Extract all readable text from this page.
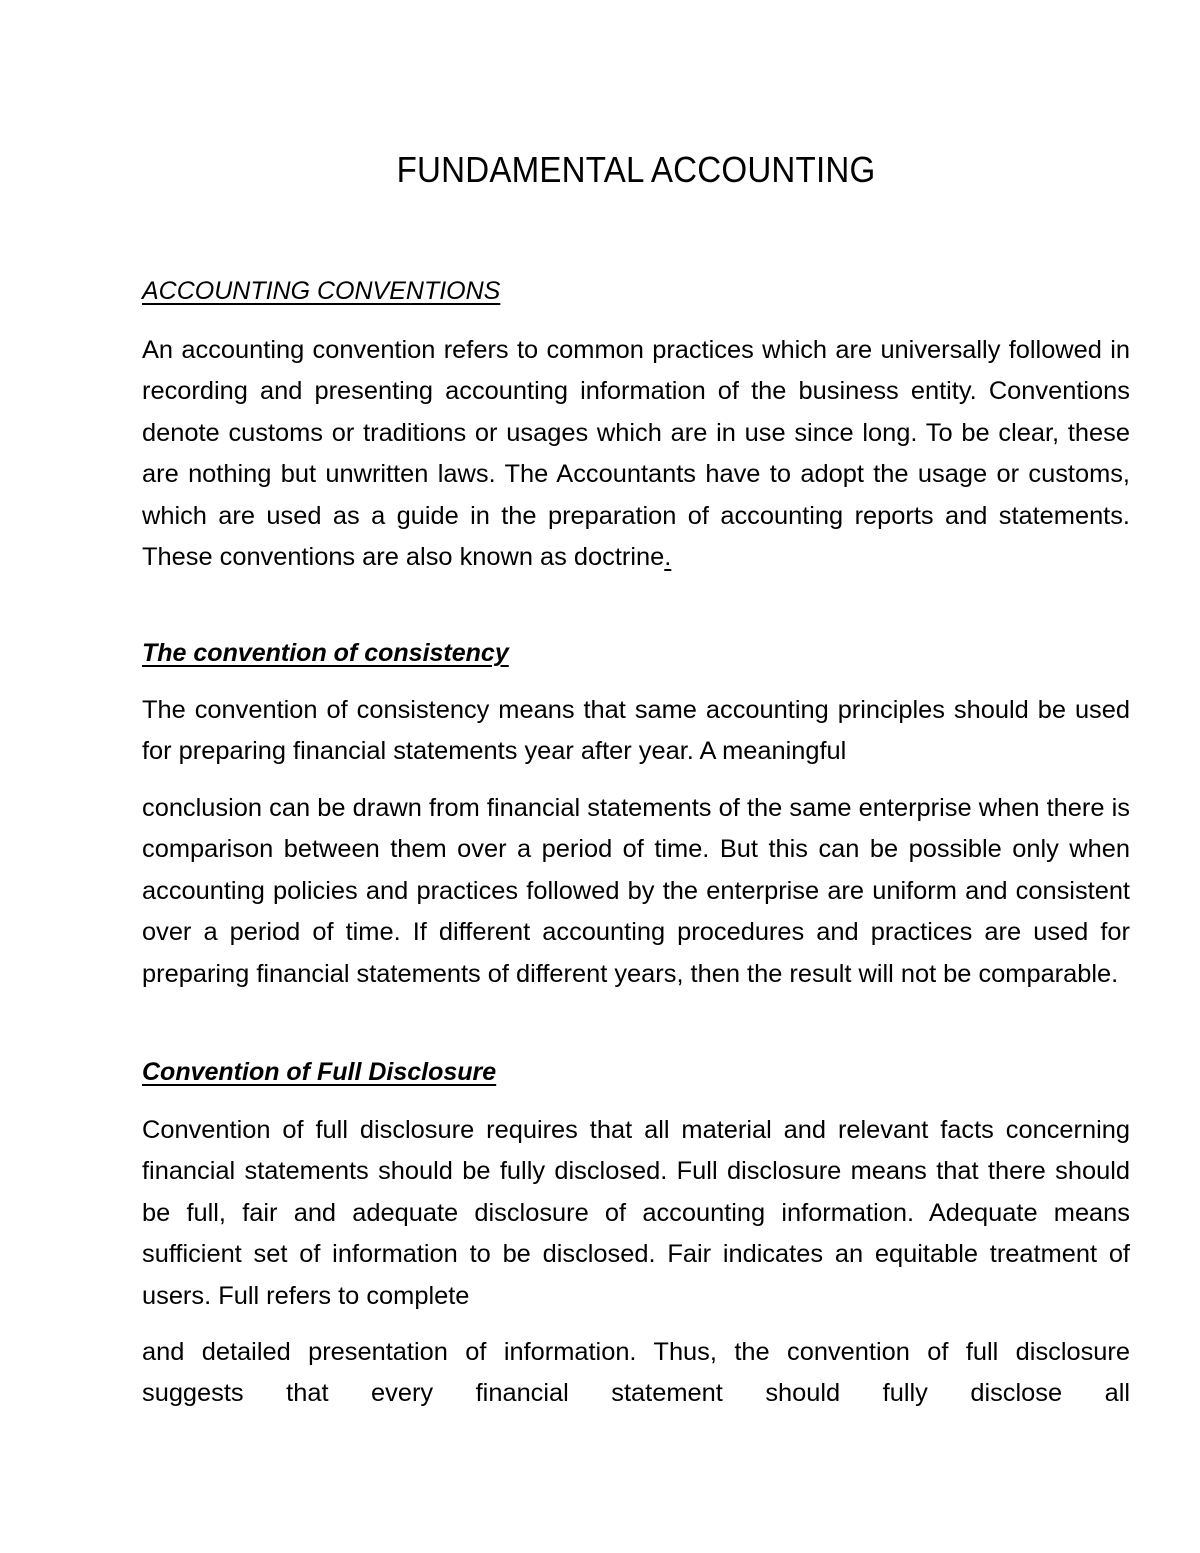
FUNDAMENTAL ACCOUNTING
ACCOUNTING CONVENTIONS

An accounting convention refers to common practices which are universally followed in recording and presenting accounting information of the business entity. Conventions denote customs or traditions or usages which are in use since long. To be clear, these are nothing but unwritten laws. The Accountants have to adopt the usage or customs, which are used as a guide in the preparation of accounting reports and statements. These conventions are also known as doctrine.

The convention of consistency

The convention of consistency means that same accounting principles should be used for preparing financial statements year after year. A meaningful

conclusion can be drawn from financial statements of the same enterprise when there is comparison between them over a period of time. But this can be possible only when accounting policies and practices followed by the enterprise are uniform and consistent over a period of time. If different accounting procedures and practices are used for preparing financial statements of different years, then the result will not be comparable.

Convention of Full Disclosure

Convention of full disclosure requires that all material and relevant facts concerning financial statements should be fully disclosed. Full disclosure means that there should be full, fair and adequate disclosure of accounting information. Adequate means sufficient set of information to be disclosed. Fair indicates an equitable treatment of users. Full refers to complete

and detailed presentation of information. Thus, the convention of full disclosure suggests that every financial statement should fully disclose all
